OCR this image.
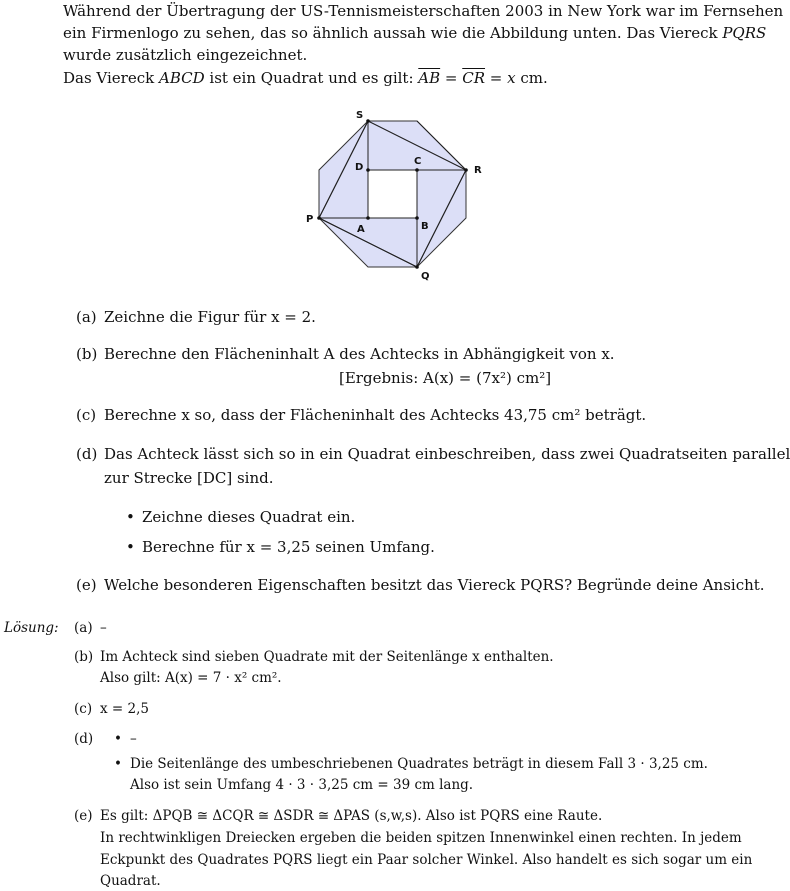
Während der Übertragung der US-Tennismeisterschaften 2003 in New York war im Fernsehen
ein Firmenlogo zu sehen, das so ähnlich aussah wie die Abbildung unten. Das Viereck PQRS
wurde zusätzlich eingezeichnet.
Das Viereck ABCD ist ein Quadrat und es gilt: $\overline{AB} = \overline{CR} = x$ cm.
S
R
P
Q
A	B
C
D
(a) Zeichne die Figur für x = 2.
(b) Berechne den Flächeninhalt A des Achtecks in Abhängigkeit von x.
[Ergebnis: A(x) = (7x²) cm²]
(c) Berechne x so, dass der Flächeninhalt des Achtecks 43,75 cm² beträgt.
(d) Das Achteck lässt sich so in ein Quadrat einbeschreiben, dass zwei Quadratseiten parallel
zur Strecke [DC] sind.
• Zeichne dieses Quadrat ein.
• Berechne für x = 3,25 seinen Umfang.
(e) Welche besonderen Eigenschaften besitzt das Viereck PQRS? Begründe deine Ansicht.
Lösung: (a) –
(b) Im Achteck sind sieben Quadrate mit der Seitenlänge x enthalten.
Also gilt: A(x) = 7 · x² cm².
(c) x = 2,5
(d)	• –
• Die Seitenlänge des umbeschriebenen Quadrates beträgt in diesem Fall 3 · 3,25 cm.
Also ist sein Umfang 4 · 3 · 3,25 cm = 39 cm lang.
(e) Es gilt: ΔPQB ≅ ΔCQR ≅ ΔSDR ≅ ΔPAS (s,w,s). Also ist PQRS eine Raute.
In rechtwinkligen Dreiecken ergeben die beiden spitzen Innenwinkel einen rechten. In jedem
Eckpunkt des Quadrates PQRS liegt ein Paar solcher Winkel. Also handelt es sich sogar um ein
Quadrat.
